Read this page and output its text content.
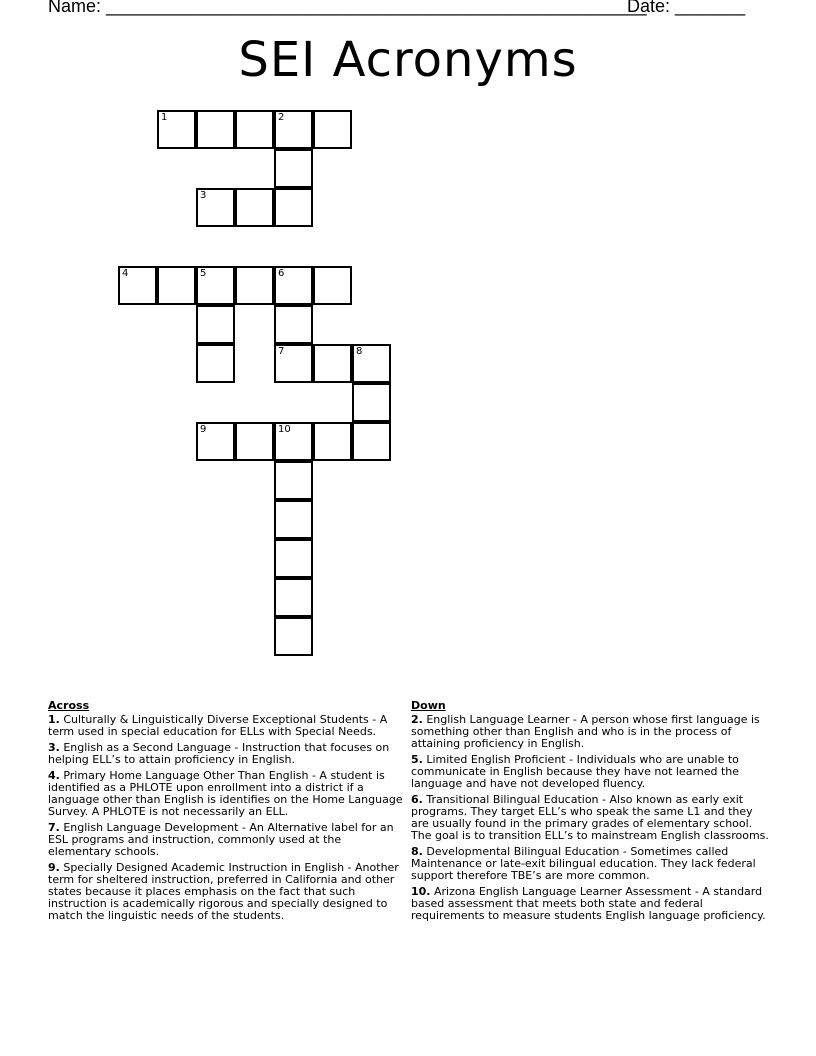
Name: ______________________________________________________
Date: _______
SEI Acronyms
1	2
3
4	5	6
7	8
9	10
Across
1. Culturally & Linguistically Diverse Exceptional Students - A term used in special education for ELLs with Special Needs.
3. English as a Second Language - Instruction that focuses on helping ELL’s to attain proficiency in English.
4. Primary Home Language Other Than English - A student is identified as a PHLOTE upon enrollment into a district if a language other than English is identifies on the Home Language Survey. A PHLOTE is not necessarily an ELL.
7. English Language Development - An Alternative label for an ESL programs and instruction, commonly used at the elementary schools.
9. Specially Designed Academic Instruction in English - Another term for sheltered instruction, preferred in California and other states because it places emphasis on the fact that such instruction is academically rigorous and specially designed to match the linguistic needs of the students.
Down
2. English Language Learner - A person whose first language is something other than English and who is in the process of attaining proficiency in English.
5. Limited English Proficient - Individuals who are unable to communicate in English because they have not learned the language and have not developed fluency.
6. Transitional Bilingual Education - Also known as early exit programs. They target ELL’s who speak the same L1 and they are usually found in the primary grades of elementary school. The goal is to transition ELL’s to mainstream English classrooms.
8. Developmental Bilingual Education - Sometimes called Maintenance or late-exit bilingual education. They lack federal support therefore TBE’s are more common.
10. Arizona English Language Learner Assessment - A standard based assessment that meets both state and federal requirements to measure students English language proficiency.
